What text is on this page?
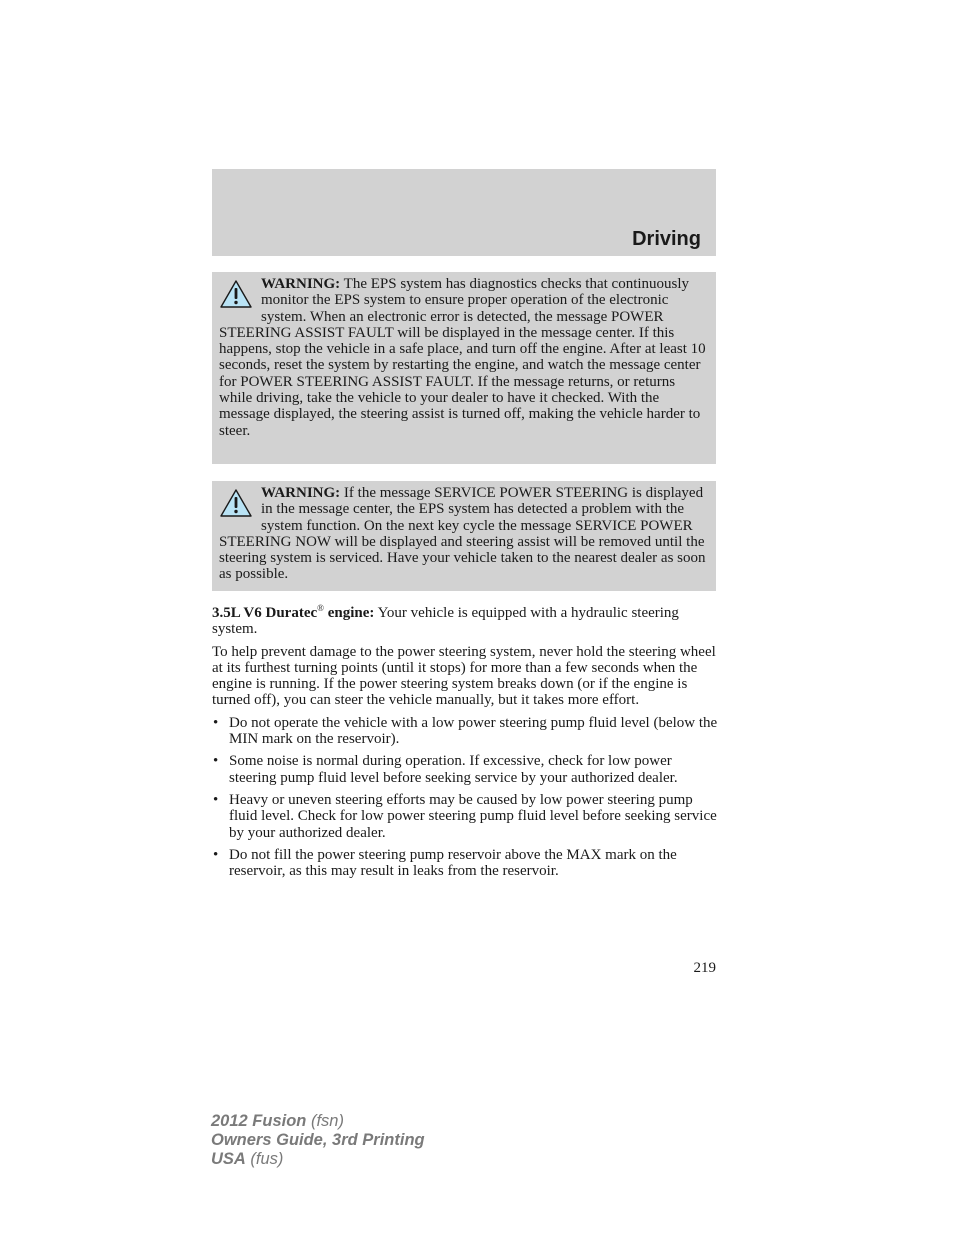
Driving
WARNING: The EPS system has diagnostics checks that continuously monitor the EPS system to ensure proper operation of the electronic system. When an electronic error is detected, the message POWER STEERING ASSIST FAULT will be displayed in the message center. If this happens, stop the vehicle in a safe place, and turn off the engine. After at least 10 seconds, reset the system by restarting the engine, and watch the message center for POWER STEERING ASSIST FAULT. If the message returns, or returns while driving, take the vehicle to your dealer to have it checked. With the message displayed, the steering assist is turned off, making the vehicle harder to steer.
WARNING: If the message SERVICE POWER STEERING is displayed in the message center, the EPS system has detected a problem with the system function. On the next key cycle the message SERVICE POWER STEERING NOW will be displayed and steering assist will be removed until the steering system is serviced. Have your vehicle taken to the nearest dealer as soon as possible.

3.5L V6 Duratec® engine: Your vehicle is equipped with a hydraulic steering system.

To help prevent damage to the power steering system, never hold the steering wheel at its furthest turning points (until it stops) for more than a few seconds when the engine is running. If the power steering system breaks down (or if the engine is turned off), you can steer the vehicle manually, but it takes more effort.

• Do not operate the vehicle with a low power steering pump fluid level (below the MIN mark on the reservoir).
• Some noise is normal during operation. If excessive, check for low power steering pump fluid level before seeking service by your authorized dealer.
• Heavy or uneven steering efforts may be caused by low power steering pump fluid level. Check for low power steering pump fluid level before seeking service by your authorized dealer.
• Do not fill the power steering pump reservoir above the MAX mark on the reservoir, as this may result in leaks from the reservoir.
219
2012 Fusion (fsn)
Owners Guide, 3rd Printing
USA (fus)
